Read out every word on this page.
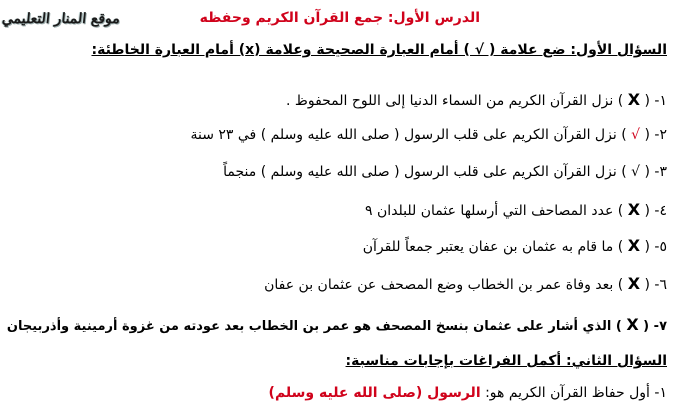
موقع المنار التعليمي	الدرس الأول: جمع القرآن الكريم وحفظه
السؤال الأول: ضع علامة ( √ ) أمام العبارة الصحيحة وعلامة (x) أمام العبارة الخاطئة:
١- ( X ) نزل القرآن الكريم من السماء الدنيا إلى اللوح المحفوظ .
٢- ( √ ) نزل القرآن الكريم على قلب الرسول ( صلى الله عليه وسلم ) في ٢٣ سنة
٣- ( √ ) نزل القرآن الكريم على قلب الرسول ( صلى الله عليه وسلم ) منجماً
٤- ( X ) عدد المصاحف التي أرسلها عثمان للبلدان ٩
٥- ( X ) ما قام به عثمان بن عفان يعتبر جمعاً للقرآن
٦- ( X ) بعد وفاة عمر بن الخطاب وضع المصحف عن عثمان بن عفان
٧- ( X ) الذي أشار على عثمان بنسخ المصحف هو عمر بن الخطاب بعد عودته من غزوة أرمينية وأذربيجان
السؤال الثاني: أكمل الفراغات بإجابات مناسبة:
١- أول حفاظ القرآن الكريم هو: الرسول (صلى الله عليه وسلم)
